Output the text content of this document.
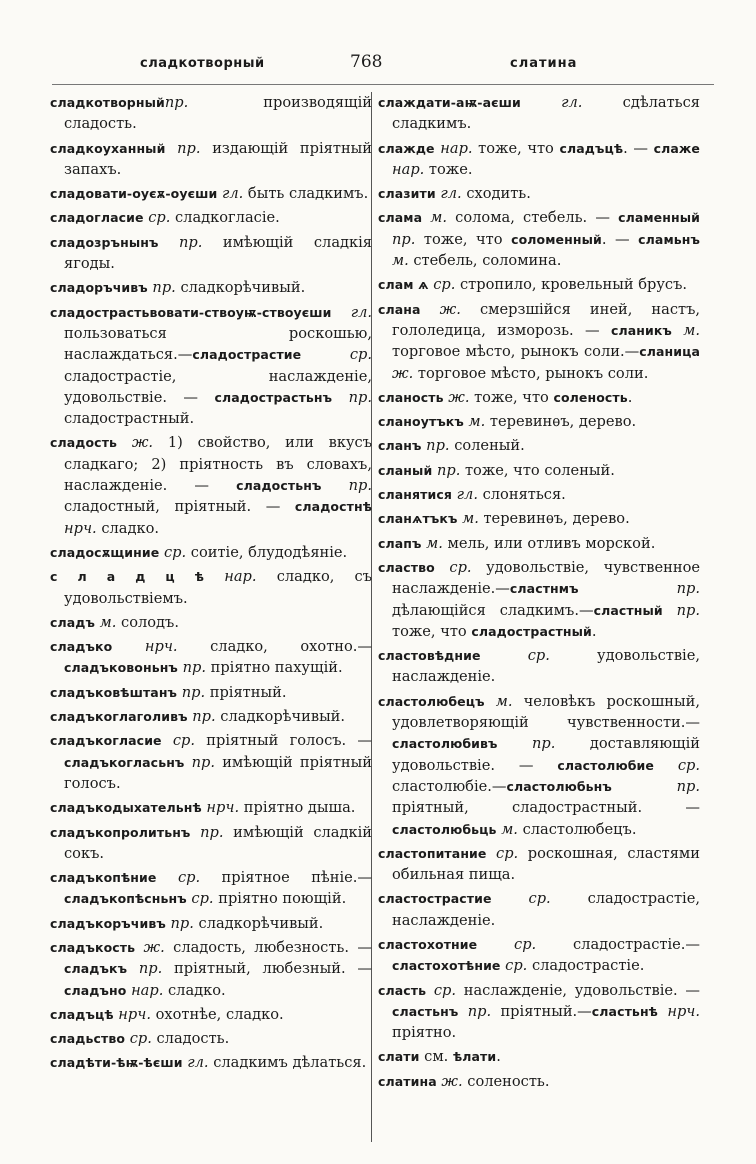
сладкотворный	768	слатина

сладкотворныйпр. производящій сладость.

сладкоуханный пр. издающій пріятный запахъ.

сладовати-оуєѫ-оуєши гл. быть сладкимъ.

сладогласие ср. сладкогласіе.

сладозрънынъ пр. имѣющій сладкія ягоды.

сладоръчивъ пр. сладкорѣчивый.

сладострастьвовати-ствоуѭ-ствоуєши гл. пользоваться роскошью, наслаждаться.—сладострастие	ср. сладострастіе, наслажденіе, удовольствіе. — сладострастьнъ пр. сладострастный.

сладость ж. 1) свойство, или вкусъ сладкаго; 2) пріятность въ словахъ, наслажденіе. — сладостьнъ пр. сладостный, пріятный. — сладостнѣ нрч. сладко.

сладосѫщиние ср. соитіе, блудодѣяніе.

с л а д ц ѣ нар. сладко, съ удовольствіемъ.

сладъ м. солодъ.

сладъко нрч. сладко, охотно.—сладъковоньнъ пр. пріятно пахущій.

сладъковѣштанъ пр. пріятный.

сладъкоглаголивъ пр. сладкорѣчивый.

сладъкогласие ср. пріятный голосъ. —сладъкогласьнъ пр. имѣющій пріятный голосъ.

сладъкодыхательнѣ нрч. пріятно дыша.

сладъкопролитьнъ пр. имѣющій сладкій сокъ.

сладъкопѣние ср. пріятное пѣніе.— сладъкопѣсньнъ ср. пріятно поющій.

сладъкоръчивъ пр. сладкорѣчивый.

сладъкость ж. сладость, любезность. —сладъкъ пр. пріятный, любезный. —сладъно нар. сладко.

сладъцѣ нрч. охотнѣе, сладко.

сладьство ср. сладость.

сладѣти-ѣѭ-ѣєши гл. сладкимъ дѣлаться.

слаждати-аѭ-аєши	гл. сдѣлаться сладкимъ.

слажде нар. тоже, что сладъцѣ. — слаже нар. тоже.

слазити гл. сходить.

слама м. солома, стебель. — сламенный пр. тоже, что соломенный. — сламьнъ м. стебель, соломина.

слам ѧ ср. стропило, кровельный брусъ.

слана ж. смерзшійся иней, настъ, гололедица, изморозь. — сланикъ м. торговое мѣсто, рынокъ соли.—сланица ж. торговое мѣсто, рынокъ соли.

сланость ж. тоже, что соленость.

сланоутъкъ м. теревинѳъ, дерево.

сланъ пр. соленый.

сланый пр. тоже, что соленый.

сланятися гл. слоняться.

сланѧтъкъ м. теревинѳъ, дерево.

слапъ м. мель, или отливъ морской.

сластво ср. удовольствіе, чувственное наслажденіе.—сластнмъ	пр. дѣлающійся сладкимъ.—сластный пр. тоже, что сладострастный.

сластовѣдние	ср. удовольствіе, наслажденіе.

сластолюбецъ м. человѣкъ роскошный, удовлетворяющій чувственности.—сластолюбивъ пр. доставляющій удовольствіе. — сластолюбие ср. сластолюбіе.—сластолюбьнъ	пр. пріятный, сладострастный. — сластолюбьць м. сластолюбецъ.

сластопитание ср. роскошная, сластями обильная пища.

сластострастие	ср. сладострастіе, наслажденіе.

сластохотние	ср. сладострастіе.—сластохотѣние ср. сладострастіе.

сласть ср. наслажденіе, удовольствіе. —сластьнъ пр. пріятный.—сластьнѣ нрч. пріятно.

слати см. ѣлати.

слатина ж. соленость.
